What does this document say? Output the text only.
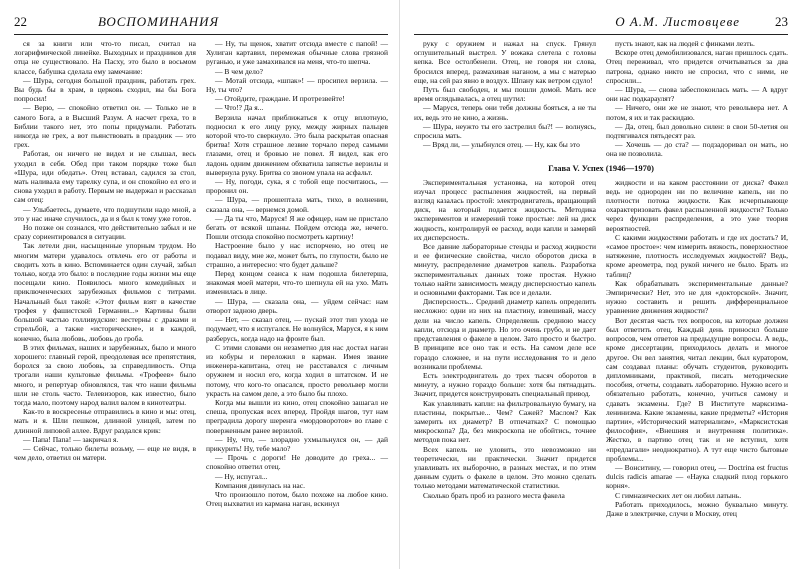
22	ВОСПОМИНАНИЯ

ся за книги или что-то писал, считал на логарифмической линейке. Выходных и праздников для отца не существовало. На Пасху, это было в восьмом классе, бабушка сделала ему замечание:

— Шура, сегодня большой праздник, работать грех. Вы будь бы в храм, в церковь сходил, вы бы Бога попросил!

— Верю, — спокойно ответил он. — Только не в самого Бога, а в Высший Разум. А насчет греха, то в Библии такого нет, это попы придумали. Работать никогда не грех, а вот пьянствовать в праздник — это грех.

Работая, он ничего не видел и не слышал, весь уходил в себя. Обед при таком порядке тоже был «Шура, иди обедать». Отец вставал, садился за стол, мать наливала ему тарелку супа, и он спокойно ел его и снова уходил в работу. Первым не выдержал и рассказал сам отец:

— Улыбаетесь, думаете, что подшутили надо мной, а это у нас иначе случилось, да и я был к тому уже готов.

Но позже он сознался, что действительно забыл и не сразу сориентировался в ситуации.

Так летели дни, насыщенные упорным трудом. Но многим матери удавалось отвлечь его от работы и сводить хоть в кино. Вспоминается один случай, забыл только, когда это было: в последние годы жизни мы еще посещали кино. Появилось много комедийных и приключенческих зарубежных фильмов с титрами. Начальный был такой: «Этот фильм взят в качестве трофея у фашистской Германии...» Картины были большой частью голливудские: вестерны с драками и стрельбой, а также «исторические», и в каждой, конечно, была любовь, любовь до гроба.

В этих фильмах, наших и зарубежных, было и много хорошего: главный герой, преодолевая все препятствия, боролся за свою любовь, за справедливость. Отца трогали наши культовые фильмы. «Трофеев» было много, и репертуар обновлялся, так что наши фильмы шли не столь часто. Телевизоров, как известно, было тогда мало, поэтому народ валил валом в кинотеатры.

Как-то в воскресенье отправились в кино и мы: отец, мать и я. Шли пешком, длинной улицей, затем по длинной липовой аллее. Вдруг раздался крик:

— Папа! Папа! — закричал я.

— Сейчас, только билеты возьму, — еще не видя, в чем дело, ответил он матери.

— Ну, ты щенок, хватит отсюда вместе с папой! — Хулиган картавил, перемежая обычные слова грязной руганью, и уже замахивался на меня, что-то шепча.

— В чем дело?

— Мотай отсюда, «шпак»! — просипел верзила. — Ну, ты что?

— Отойдите, граждане. И протрезвейте!

— Что!? Да я...

Верзила начал приближаться к отцу вплотную, подносил к его лицу руку, между жирных пальцев которой что-то сверкнуло. Это была раскрытая опасная бритва! Хотя страшное лезвие торчало перед самыми глазами, отец и бровью не повел. Я видел, как его ладонь одним движением обхватила запястье верзилы и вывернула руку. Бритва со звоном упала на асфальт.

— Ну, погоди, сука, я с тобой еще посчитаюсь, — проронил он.

— Шура, — прошептала мать, тихо, в волнении, сказала она, — вернемся домой.

— Да ты что, Маруся! Я же офицер, нам не пристало бегать от всякой шпаны. Пойдем отсюда же, нечего. Пошли отсюда спокойно посмотреть картину!

Настроение было у нас испорчено, но отец не подавал виду, мне же, может быть, по глупости, было не страшно, а интересно: что будет дальше?

Перед концом сеанса к нам подошла билетерша, знакомая моей матери, что-то шепнула ей на ухо. Мать изменилась в лице.

— Шура, — сказала она, — уйдем сейчас: нам отворот задною дверь.

— Нет, — сказал отец, — пускай этот тип ухода не подумает, что я испугался. Не волнуйся, Маруся, я к ним разберусь, когда надо на фронте был.

С этими словами он незаметно для нас достал наган из кобуры и переложил в карман. Имея звание инженера-капитана, отец не расставался с личным оружием и носил его, когда ходил в штатском. И не потому, что кого-то опасался, просто револьвер могли украсть на самом деле, а это было бы плохо.

Когда мы вышли из кино, отец спокойно зашагал не спеша, пропуская всех вперед. Пройдя шагов, тут нам преградила дорогу шеренга «мордоворотов» во главе с поверженным ранее верзилой.

— Ну, что, — злорадно ухмыльнулся он, — дай прикурить! Ну, тебе мало?

— Прочь с дороги! Не доводите до греха... — спокойно ответил отец.

— Ну, испугал...

Компания двинулась на нас.

Что произошло потом, было похоже на любое кино. Отец выхватил из кармана наган, вскинул

О А.М. Листовцеве	23

руку с оружием и нажал на спуск. Грянул оглушительный выстрел. У вожака слетела с головы кепка. Все остолбенели. Отец, не говоря ни слова, бросился вперед, размахивая наганом, а мы с матерью еще, на сей раз явно в воздух. Шпану как ветром сдуло!

Путь был свободен, и мы пошли домой. Мать все время оглядывалась, а отец шутил:

— Маруся, теперь они тебя должны бояться, а не ты их, ведь это не кино, а жизнь.

— Шура, неужто ты его застрелил бы?! — волнуясь, спросила мать.

— Вряд ли, — улыбнулся отец. — Ну, как бы это

пусть знают, как на людей с финками лезть.

Вскоре отец демобилизовался, наган пришлось сдать. Отец переживал, что придется отчитываться за два патрона, однако никто не спросил, что с ними, не спросили...

— Шура, — снова забеспокоилась мать. — А вдруг они нас подкараулят?

— Ничего, они же не знают, что револьвера нет. А потом, я их и так раскидаю.

— Да, отец, был довольно силен: в свои 50-летия он подтягивался пятьдесят раз.

— Хочешь — до ста? — подзадоривал он мать, но она не позволила.

Глава V. Успех (1946—1970)

Экспериментальная установка, на которой отец изучал процесс распыления жидкостей, на первый взгляд казалась простой: электродвигатель, вращающий диск, на который подается жидкость. Методика экспериментов и измерений тоже простые: лей на диск жидкость, контролируй ее расход, води капли и замеряй их дисперсность.

Все давние лабораторные стенды и расход жидкости и ее физические свойства, число оборотов диска в минуту, распределение диаметров капель. Разработка экспериментальных данных тоже простая. Нужно только найти зависимость между дисперсностью капель и основными факторами. Так все и делали.

Дисперсность... Средний диаметр капель определить несложно: одни из них на пластину, взвешивай, массу дели на число капель. Определяешь среднюю массу капли, отсюда и диаметр. Но это очень грубо, и не дает представления о факеле в целом. Зато просто и быстро. В принципе все оно так и есть. На самом деле все гораздо сложнее, и на пути исследования то и дело возникали проблемы.

Есть электродвигатель до трех тысяч оборотов в минуту, а нужно гораздо больше: хотя бы пятнадцать. Значит, придется конструировать специальный привод.

Как улавливать капли: на фильтровальную бумагу, на пластины, покрытые... Чем? Сажей? Маслом? Как замерить их диаметр? В отпечатках? С помощью микроскопа? Да, без микроскопа не обойтись, точнее методов пока нет.

Всех капель не уловить, это невозможно ни теоретически, ни практически. Значит придется улавливать их выборочно, в разных местах, и по этим данным судить о факеле в целом. Это можно сделать только методами математической статистики.

Сколько брать проб из разного места факела

жидкости и на каком расстоянии от диска? Факел ведь не однороден ни по величине капель, ни по плотности потока жидкости. Как исчерпывающе охарактеризовать факел распыленной жидкости? Только через функции распределения, а это уже теория вероятностей.

С какими жидкостями работать и где их достать? И, «самое простое»: чем измерить вязкость, поверхностное натяжение, плотность исследуемых жидкостей? Ведь, кроме ареометра, под рукой ничего не было. Брать из таблиц?

Как обрабатывать экспериментальные данные? Эмпирически? Нет, это не для «докторской». Значит, нужно составить и решить дифференциальное уравнение движения жидкости?

Вот десятая часть тех вопросов, на которые должен был ответить отец. Каждый день приносил больше вопросов, чем ответов на предыдущие вопросы. А ведь, кроме диссертации, приходилось делать и многое другое. Он вел занятия, читал лекции, был куратором, сам создавал планы: обучать студентов, руководить дипломниками, практикой, писать методические пособия, отчеты, создавать лабораторию. Нужно всего и обязательно работать, конечно, учиться самому и сдавать экзамены. Где? В Институте марксизма-ленинизма. Какие экзамены, какие предметы? «История партии», «Исторический материализм», «Марксистская философия», «Внешняя и внутренняя политика». Жестко, в партию отец так и не вступил, хотя «предлагали» неоднократно). А тут еще чисто бытовые проблемы...

— Вонситину, — говорил отец, — Doctrina est fructus dulcis radicis amarae — «Наука сладкий плод горького корня».

С гимназических лет он любил латынь.

Работать приходилось, можно буквально минуту. Даже в электричке, случи в Москву, отец
